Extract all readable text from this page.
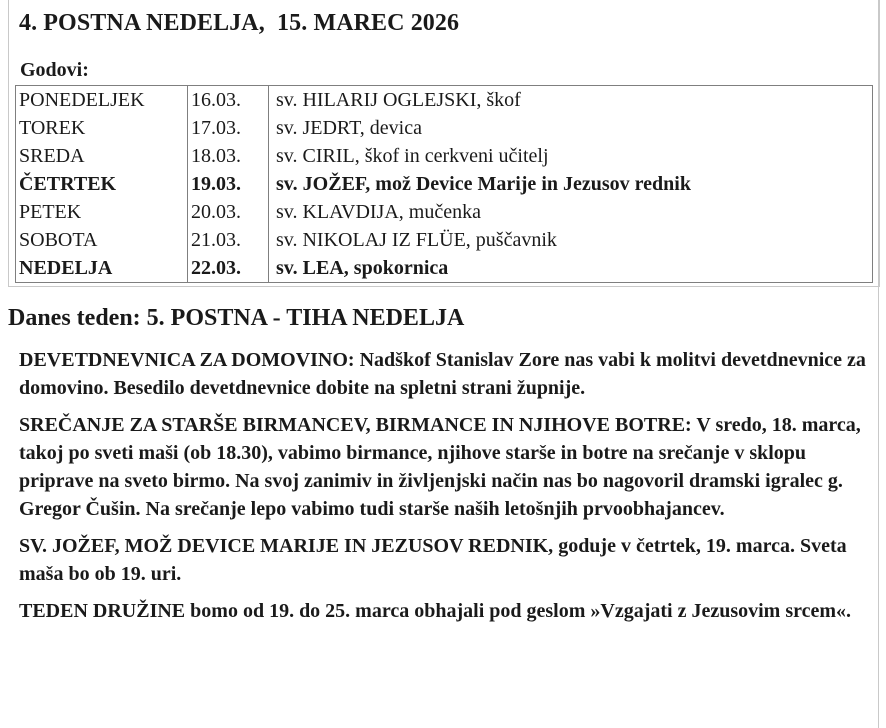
4. POSTNA NEDELJA,  15. MAREC 2026
Godovi:
PONEDELJEK	16.03.	sv. HILARIJ OGLEJSKI, škof
TOREK	17.03.	sv. JEDRT, devica
SREDA	18.03.	sv. CIRIL, škof in cerkveni učitelj
ČETRTEK	19.03.	sv. JOŽEF, mož Device Marije in Jezusov rednik
PETEK	20.03.	sv. KLAVDIJA, mučenka
SOBOTA	21.03.	sv. NIKOLAJ IZ FLÜE, puščavnik
NEDELJA	22.03.	sv. LEA, spokornica
Danes teden: 5. POSTNA - TIHA NEDELJA

DEVETDNEVNICA ZA DOMOVINO: Nadškof Stanislav Zore nas vabi k molitvi devetdnevnice za domovino. Besedilo devetdnevnice dobite na spletni strani župnije.

SREČANJE ZA STARŠE BIRMANCEV, BIRMANCE IN NJIHOVE BOTRE: V sredo, 18. marca, takoj po sveti maši (ob 18.30), vabimo birmance, njihove starše in botre na srečanje v sklopu priprave na sveto birmo. Na svoj zanimiv in življenjski način nas bo nagovoril dramski igralec g. Gregor Čušin. Na srečanje lepo vabimo tudi starše naših letošnjih prvoobhajancev.

SV. JOŽEF, MOŽ DEVICE MARIJE IN JEZUSOV REDNIK, goduje v četrtek, 19. marca. Sveta maša bo ob 19. uri.

TEDEN DRUŽINE bomo od 19. do 25. marca obhajali pod geslom »Vzgajati z Jezusovim srcem«.
